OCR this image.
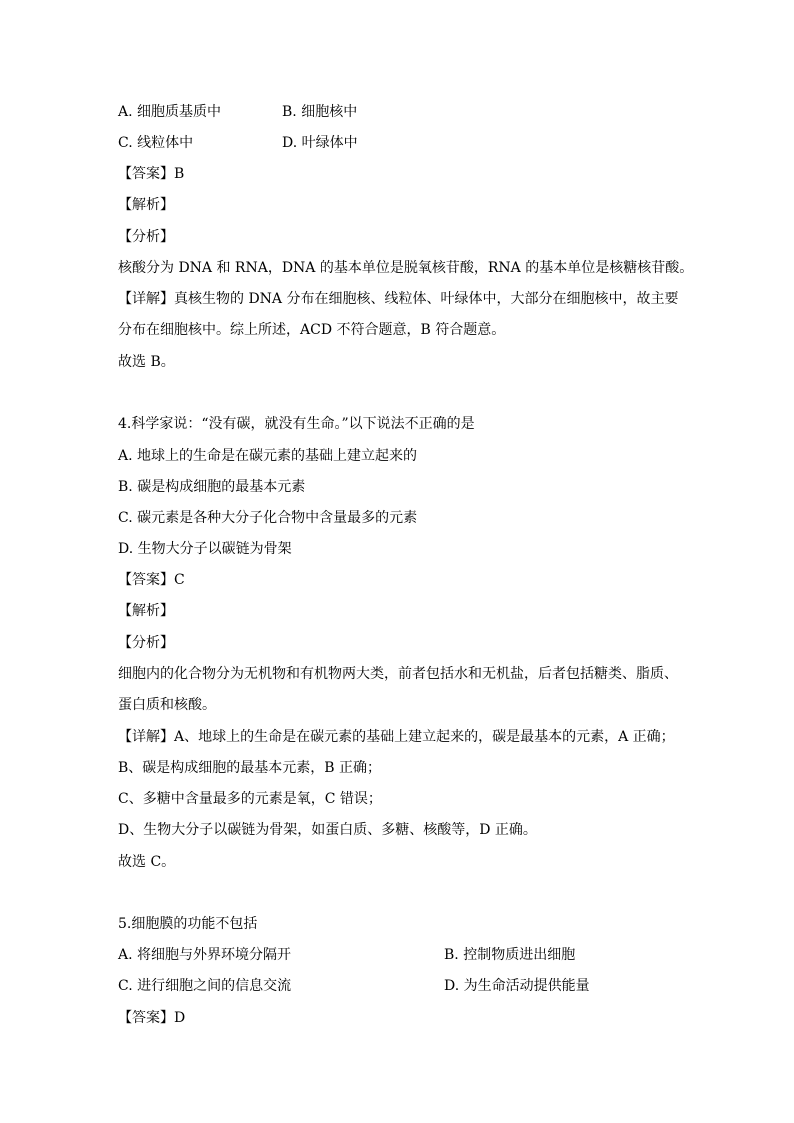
A. 细胞质基质中	B. 细胞核中
C. 线粒体中	D. 叶绿体中
【答案】B
【解析】
【分析】
核酸分为 DNA 和 RNA，DNA 的基本单位是脱氧核苷酸，RNA 的基本单位是核糖核苷酸。
【详解】真核生物的 DNA 分布在细胞核、线粒体、叶绿体中，大部分在细胞核中，故主要
分布在细胞核中。综上所述，ACD 不符合题意，B 符合题意。
故选 B。
4.科学家说：“没有碳，就没有生命。”以下说法不正确的是
A. 地球上的生命是在碳元素的基础上建立起来的
B. 碳是构成细胞的最基本元素
C. 碳元素是各种大分子化合物中含量最多的元素
D. 生物大分子以碳链为骨架
【答案】C
【解析】
【分析】
细胞内的化合物分为无机物和有机物两大类，前者包括水和无机盐，后者包括糖类、脂质、
蛋白质和核酸。
【详解】A、地球上的生命是在碳元素的基础上建立起来的，碳是最基本的元素，A 正确；
B、碳是构成细胞的最基本元素，B 正确；
C、多糖中含量最多的元素是氧，C 错误；
D、生物大分子以碳链为骨架，如蛋白质、多糖、核酸等，D 正确。
故选 C。
5.细胞膜的功能不包括
A. 将细胞与外界环境分隔开	B. 控制物质进出细胞
C. 进行细胞之间的信息交流	D. 为生命活动提供能量
【答案】D
